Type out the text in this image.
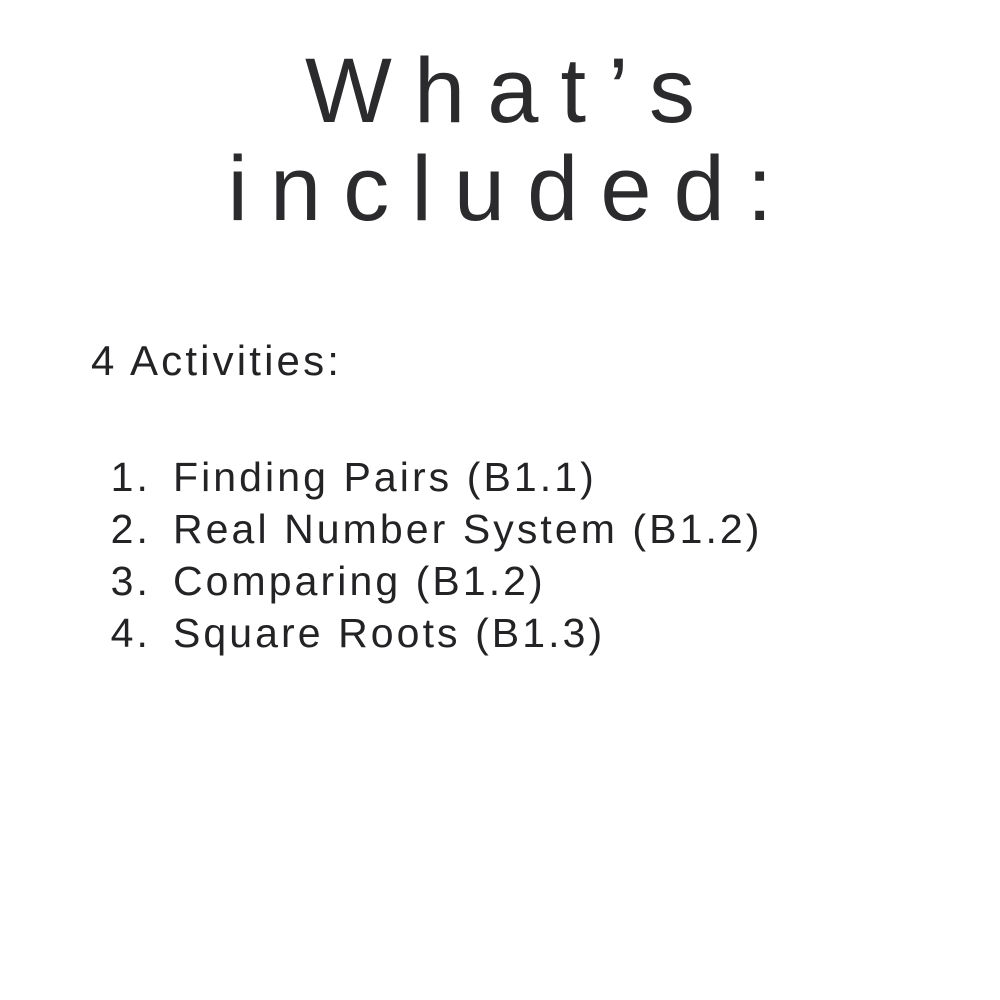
What’s
included:
4 Activities:
1. Finding Pairs (B1.1)
2. Real Number System (B1.2)
3. Comparing (B1.2)
4. Square Roots (B1.3)
